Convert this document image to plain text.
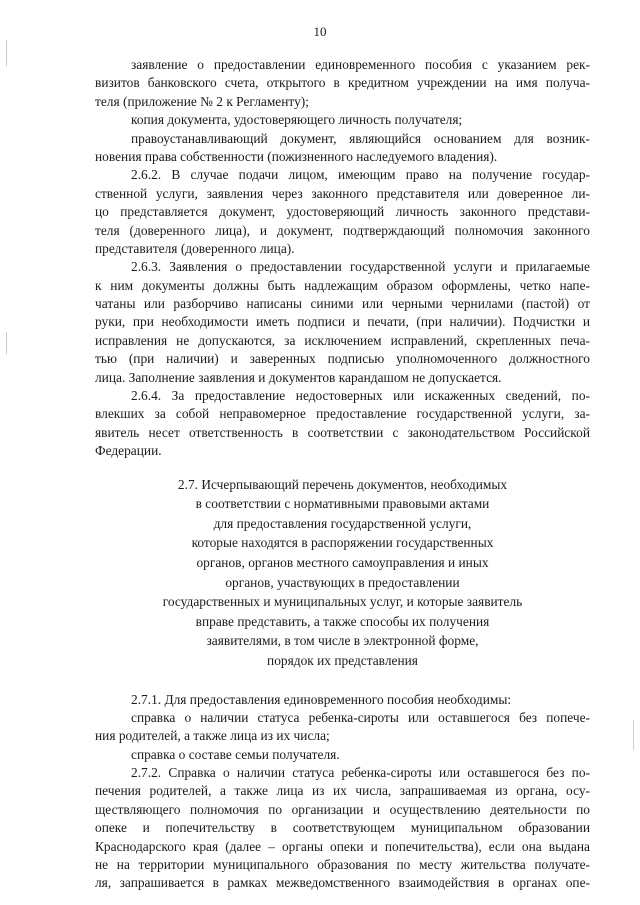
10
заявление о предоставлении единовременного пособия с указанием рек-
визитов банковского счета, открытого в кредитном учреждении на имя получа-
теля (приложение № 2 к Регламенту);
копия документа, удостоверяющего личность получателя;
правоустанавливающий документ, являющийся основанием для возник-
новения права собственности (пожизненного наследуемого владения).
2.6.2. В случае подачи лицом, имеющим право на получение государ-
ственной услуги, заявления через законного представителя или доверенное ли-
цо представляется документ, удостоверяющий личность законного представи-
теля (доверенного лица), и документ, подтверждающий полномочия законного
представителя (доверенного лица).
2.6.3. Заявления о предоставлении государственной услуги и прилагаемые
к ним документы должны быть надлежащим образом оформлены, четко напе-
чатаны или разборчиво написаны синими или черными чернилами (пастой) от
руки, при необходимости иметь подписи и печати, (при наличии). Подчистки и
исправления не допускаются, за исключением исправлений, скрепленных печа-
тью (при наличии) и заверенных подписью уполномоченного должностного
лица. Заполнение заявления и документов карандашом не допускается.
2.6.4. За предоставление недостоверных или искаженных сведений, по-
влекших за собой неправомерное предоставление государственной услуги, за-
явитель несет ответственность в соответствии с законодательством Российской
Федерации.
2.7. Исчерпывающий перечень документов, необходимых
в соответствии с нормативными правовыми актами
для предоставления государственной услуги,
которые находятся в распоряжении государственных
органов, органов местного самоуправления и иных
органов, участвующих в предоставлении
государственных и муниципальных услуг, и которые заявитель
вправе представить, а также способы их получения
заявителями, в том числе в электронной форме,
порядок их представления
2.7.1. Для предоставления единовременного пособия необходимы:
справка о наличии статуса ребенка-сироты или оставшегося без попече-
ния родителей, а также лица из их числа;
справка о составе семьи получателя.
2.7.2. Справка о наличии статуса ребенка-сироты или оставшегося без по-
печения родителей, а также лица из их числа, запрашиваемая из органа, осу-
ществляющего полномочия по организации и осуществлению деятельности по
опеке и попечительству в соответствующем муниципальном образовании
Краснодарского края (далее – органы опеки и попечительства), если она выдана
не на территории муниципального образования по месту жительства получате-
ля, запрашивается в рамках межведомственного взаимодействия в органах опе-
